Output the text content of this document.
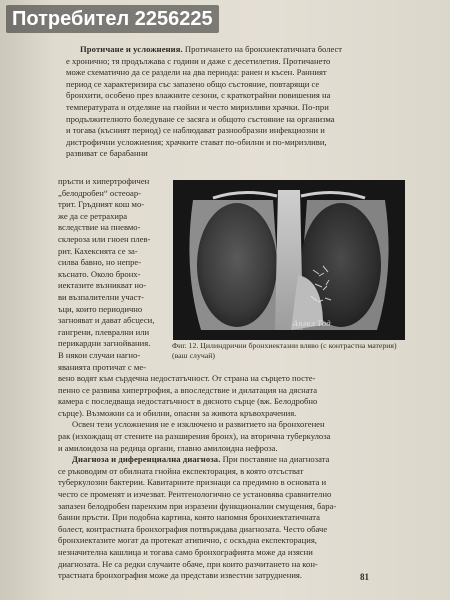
Потребител 2256225
Протичане и усложнения. Протичането на бронхиектатичната болест
е хронично; тя продължава с години и даже с десетилетия. Протичането
може схематично да се раздели на два периода: ранен и късен. Ранният
период се характеризира със запазено общо състояние, повтарящи се
бронхити, особено през влажните сезони, с краткотрайни повишения на
температурата и отделяне на гнойни и често миризливи храчки. По-при
продължителното боледуване се засяга и общото състояние на организма
и тогава (късният период) се наблюдават разнообразни инфекциозни и
дистрофични усложнения; храчките стават по-обилни и по-миризливи,
развиват се барабанни
пръсти и хипертрофичен
„белодробен“ остеоар-
трит. Гръдният кош мо-
же да се ретрахира
вследствие на пневмо-
склероза или гноен плев-
рит. Кахексията се за-
силва бавно, но непре-
къснато. Около бронх-
иектазите възникват но-
ви възпалителни участ-
ъци, които периодично
загнояват и дават абсцеси,
гангрени, плеврални или
перикардни загнойвания.
В някои случаи нагно-
яванията протичат с ме-
Ангел Тод
Фиг. 12. Цилиндрични бронхиектазии вляво (с контрастна материя) (ваш случай)
вено водят към сърдечна недостатъчност. От страна на сърцето посте-
пенно се развива хипертрофия, а впоследствие и дилатация на дясната
камера с последваща недостатъчност в дясното сърце (вж. Белодробно
сърце). Възможни са и обилни, опасни за живота кръвохрачения.
Освен тези усложнения не е изключено и развитието на бронхогенен
рак (изхождащ от стените на разширения бронх), на вторична туберкулоза
и амилоидоза на редица органи, главно амилоидна нефроза.
Диагноза и диференциална диагноза. При поставяне на диагнозата
се ръководим от обилната гнойна експекторация, в която отсъстват
туберкулозни бактерии. Кавитарните признаци са предимно в основата и
често се променят и изчезват. Рентгенологично се установява сравнително
запазен белодробен паренхим при изразени функционални смущения, бара-
банни пръсти. При подобна картина, която напомня бронхиектатичната
болест, контрастната бронхография потвърждава диагнозата. Често обаче
бронхиектазите могат да протекат атипично, с оскъдна експекторация,
незначителна кашлица и тогава само бронхографията може да изясни
диагнозата. Не са редки случаите обаче, при които разчитането на кон-
трастната бронхография може да представи известни затруднения.	81
